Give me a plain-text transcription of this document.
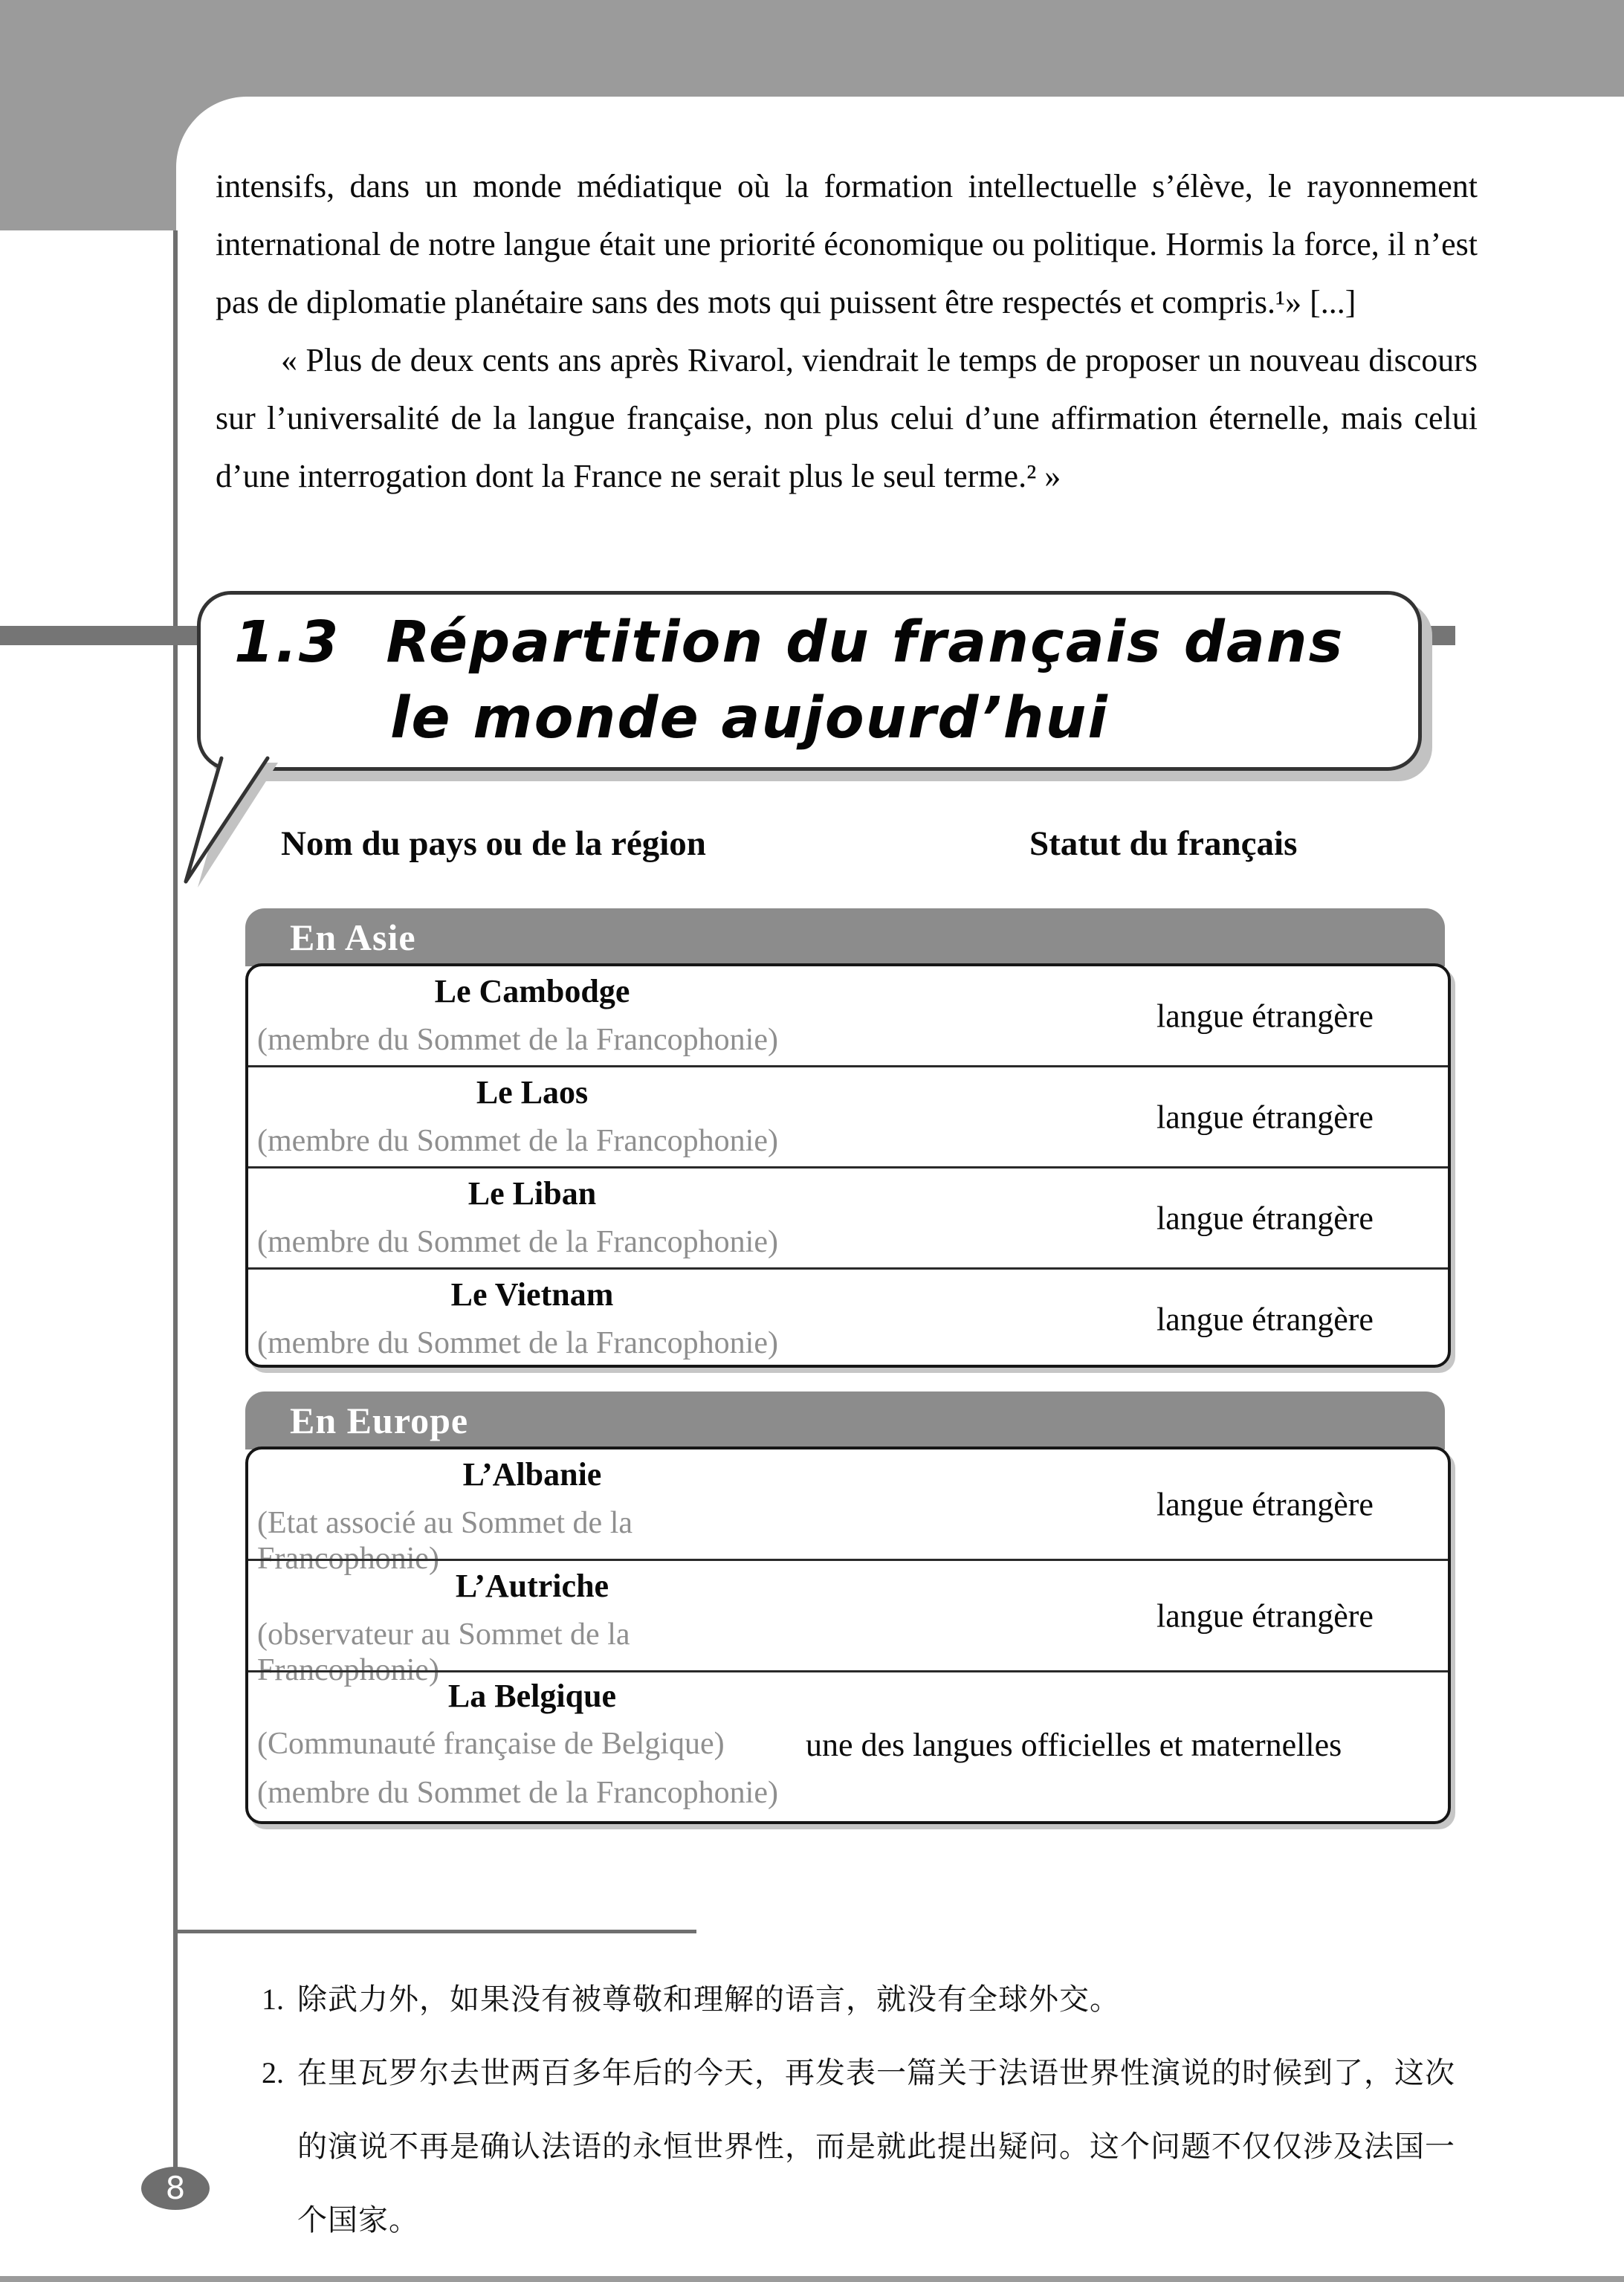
intensifs, dans un monde médiatique où la formation intellectuelle s’élève, le rayonnement international de notre langue était une priorité économique ou politique. Hormis la force, il n’est pas de diplomatie planétaire sans des mots qui puissent être respectés et compris.¹» [...]

« Plus de deux cents ans après Rivarol, viendrait le temps de proposer un nouveau discours sur l’universalité de la langue française, non plus celui d’une affirmation éternelle, mais celui d’une interrogation dont la France ne serait plus le seul terme.² »

1.3 Répartition du français dans
le monde aujourd’hui
Nom du pays ou de la région	Statut du français
En Asie
Le Cambodge
(membre du Sommet de la Francophonie)
langue étrangère
Le Laos
(membre du Sommet de la Francophonie)
langue étrangère
Le Liban
(membre du Sommet de la Francophonie)
langue étrangère
Le Vietnam
(membre du Sommet de la Francophonie)
langue étrangère
En Europe
L’Albanie
(Etat associé au Sommet de la Francophonie)
langue étrangère
L’Autriche
(observateur au Sommet de la Francophonie)
langue étrangère
La Belgique
(Communauté française de Belgique) une des langues officielles et maternelles
(membre du Sommet de la Francophonie)
1. 除武力外，如果没有被尊敬和理解的语言，就没有全球外交。
2. 在里瓦罗尔去世两百多年后的今天，再发表一篇关于法语世界性演说的时候到了，这次的演说不再是确认法语的永恒世界性，而是就此提出疑问。这个问题不仅仅涉及法国一个国家。
8
